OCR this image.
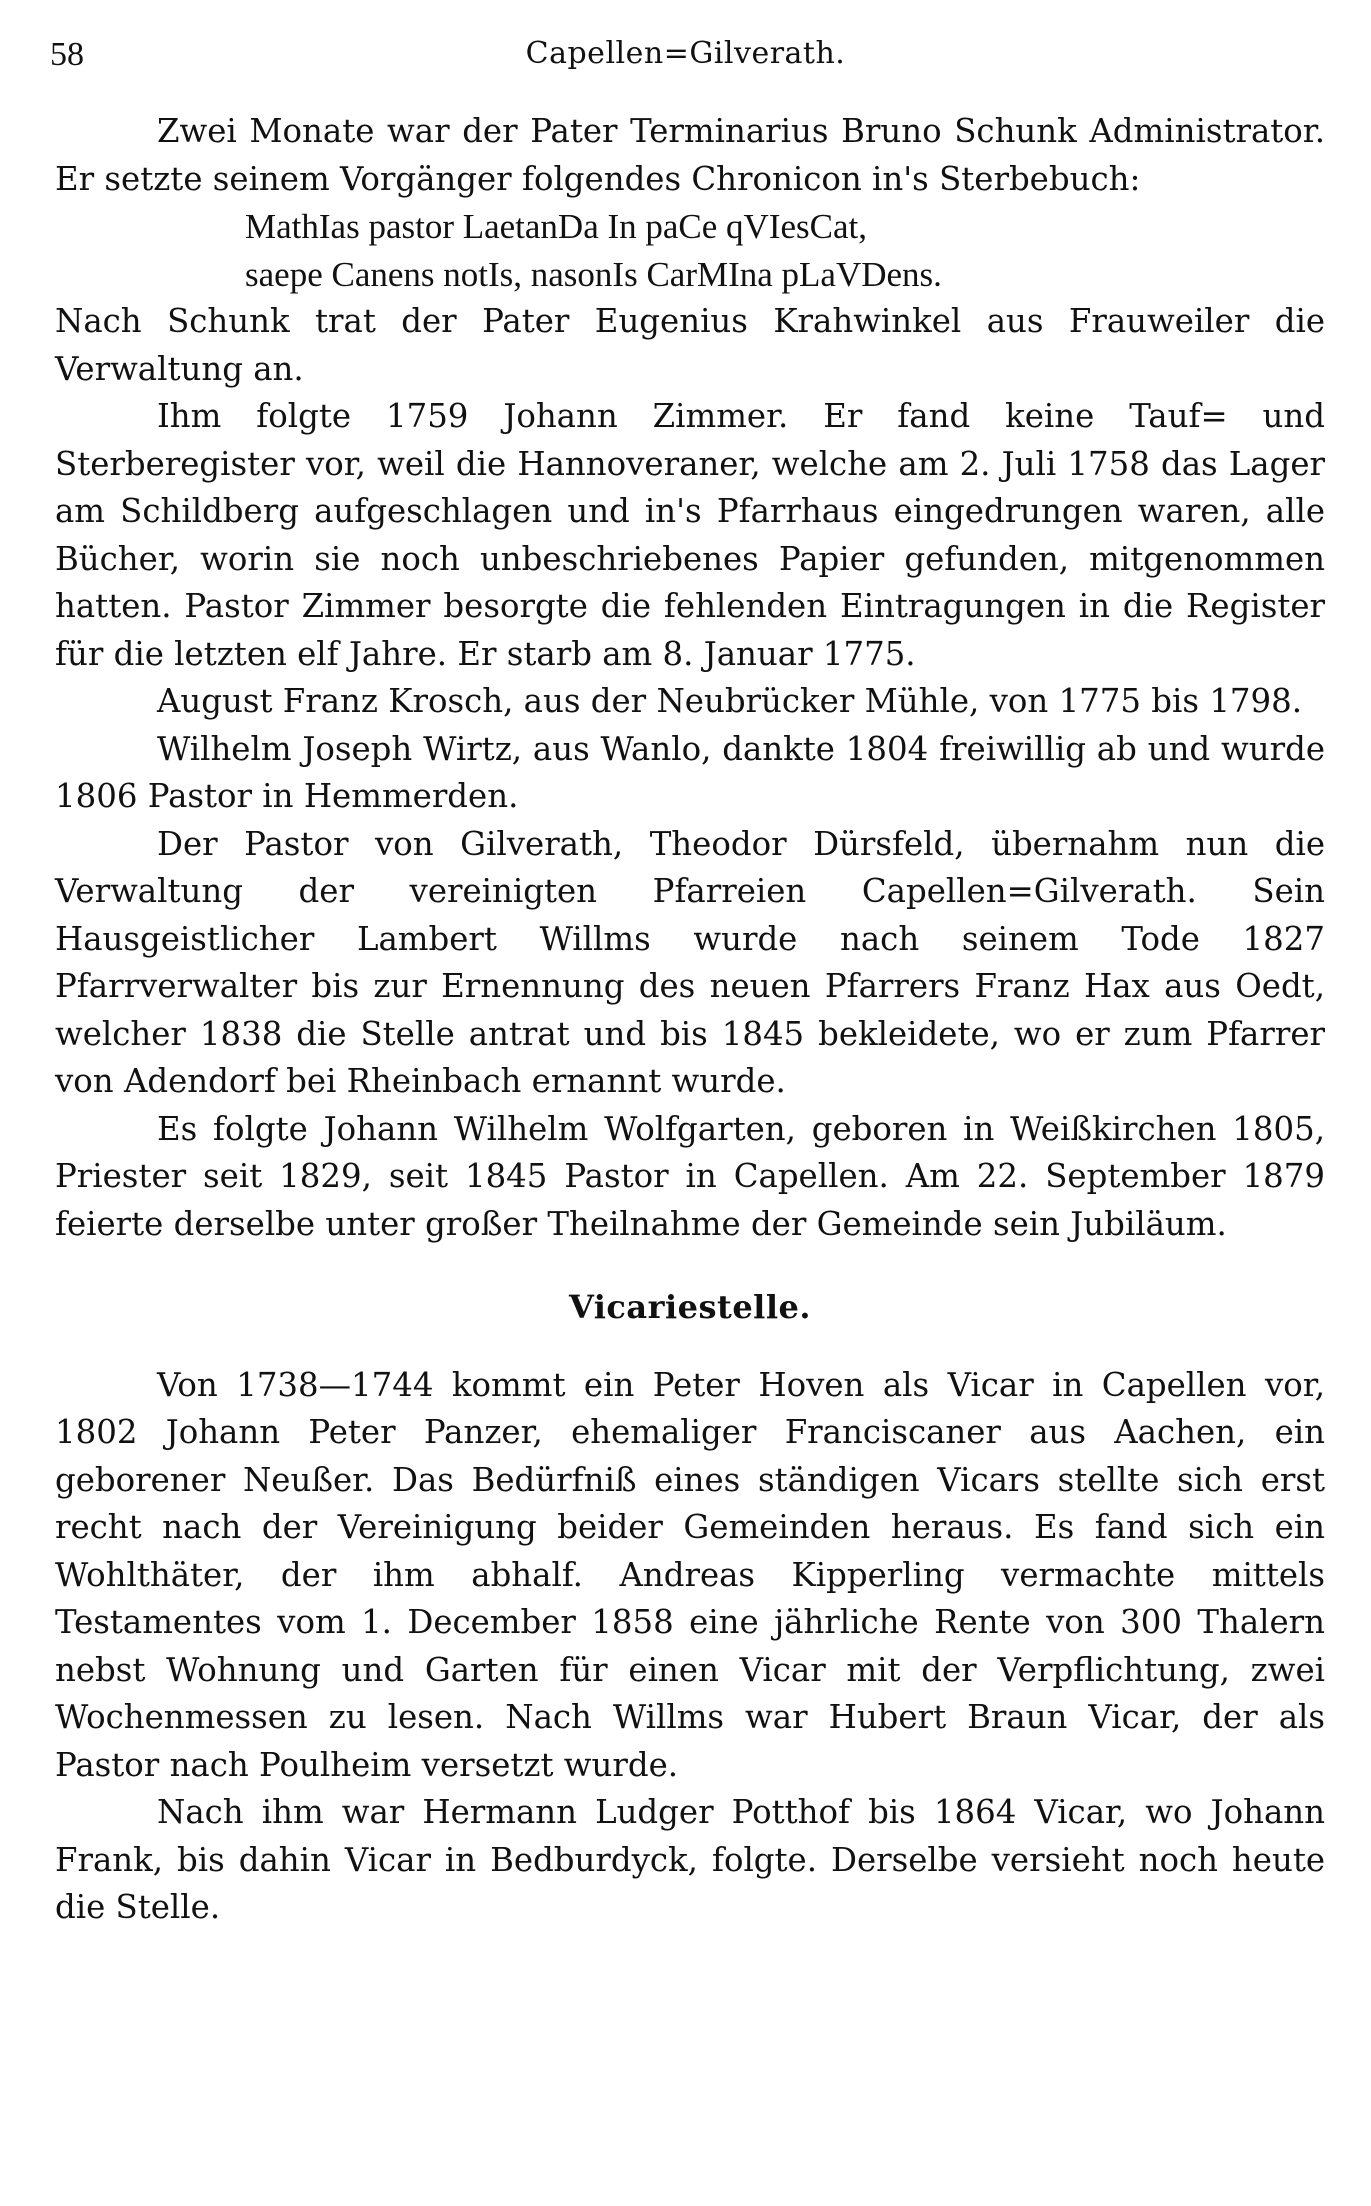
58	Capellen=Gilverath.

Zwei Monate war der Pater Terminarius Bruno Schunk Administrator. Er setzte seinem Vorgänger folgendes Chronicon in's Sterbebuch:

MathIas pastor LaetanDa In paCe qVIesCat,

saepe Canens notIs, nasonIs CarMIna pLaVDens.

Nach Schunk trat der Pater Eugenius Krahwinkel aus Frauweiler die Verwaltung an.

Ihm folgte 1759 Johann Zimmer. Er fand keine Tauf= und Sterberegister vor, weil die Hannoveraner, welche am 2. Juli 1758 das Lager am Schildberg aufgeschlagen und in's Pfarrhaus eingedrungen waren, alle Bücher, worin sie noch unbeschriebenes Papier gefunden, mitgenommen hatten. Pastor Zimmer besorgte die fehlenden Eintragungen in die Register für die letzten elf Jahre. Er starb am 8. Januar 1775.

August Franz Krosch, aus der Neubrücker Mühle, von 1775 bis 1798.

Wilhelm Joseph Wirtz, aus Wanlo, dankte 1804 freiwillig ab und wurde 1806 Pastor in Hemmerden.

Der Pastor von Gilverath, Theodor Dürsfeld, übernahm nun die Verwaltung der vereinigten Pfarreien Capellen=Gilverath. Sein Hausgeistlicher Lambert Willms wurde nach seinem Tode 1827 Pfarrverwalter bis zur Ernennung des neuen Pfarrers Franz Hax aus Oedt, welcher 1838 die Stelle antrat und bis 1845 bekleidete, wo er zum Pfarrer von Adendorf bei Rheinbach ernannt wurde.

Es folgte Johann Wilhelm Wolfgarten, geboren in Weißkirchen 1805, Priester seit 1829, seit 1845 Pastor in Capellen. Am 22. September 1879 feierte derselbe unter großer Theilnahme der Gemeinde sein Jubiläum.

Vicariestelle.

Von 1738—1744 kommt ein Peter Hoven als Vicar in Capellen vor, 1802 Johann Peter Panzer, ehemaliger Franciscaner aus Aachen, ein geborener Neußer. Das Bedürfniß eines ständigen Vicars stellte sich erst recht nach der Vereinigung beider Gemeinden heraus. Es fand sich ein Wohlthäter, der ihm abhalf. Andreas Kipperling vermachte mittels Testamentes vom 1. December 1858 eine jährliche Rente von 300 Thalern nebst Wohnung und Garten für einen Vicar mit der Verpflichtung, zwei Wochenmessen zu lesen. Nach Willms war Hubert Braun Vicar, der als Pastor nach Poulheim versetzt wurde.

Nach ihm war Hermann Ludger Potthof bis 1864 Vicar, wo Johann Frank, bis dahin Vicar in Bedburdyck, folgte. Derselbe versieht noch heute die Stelle.
